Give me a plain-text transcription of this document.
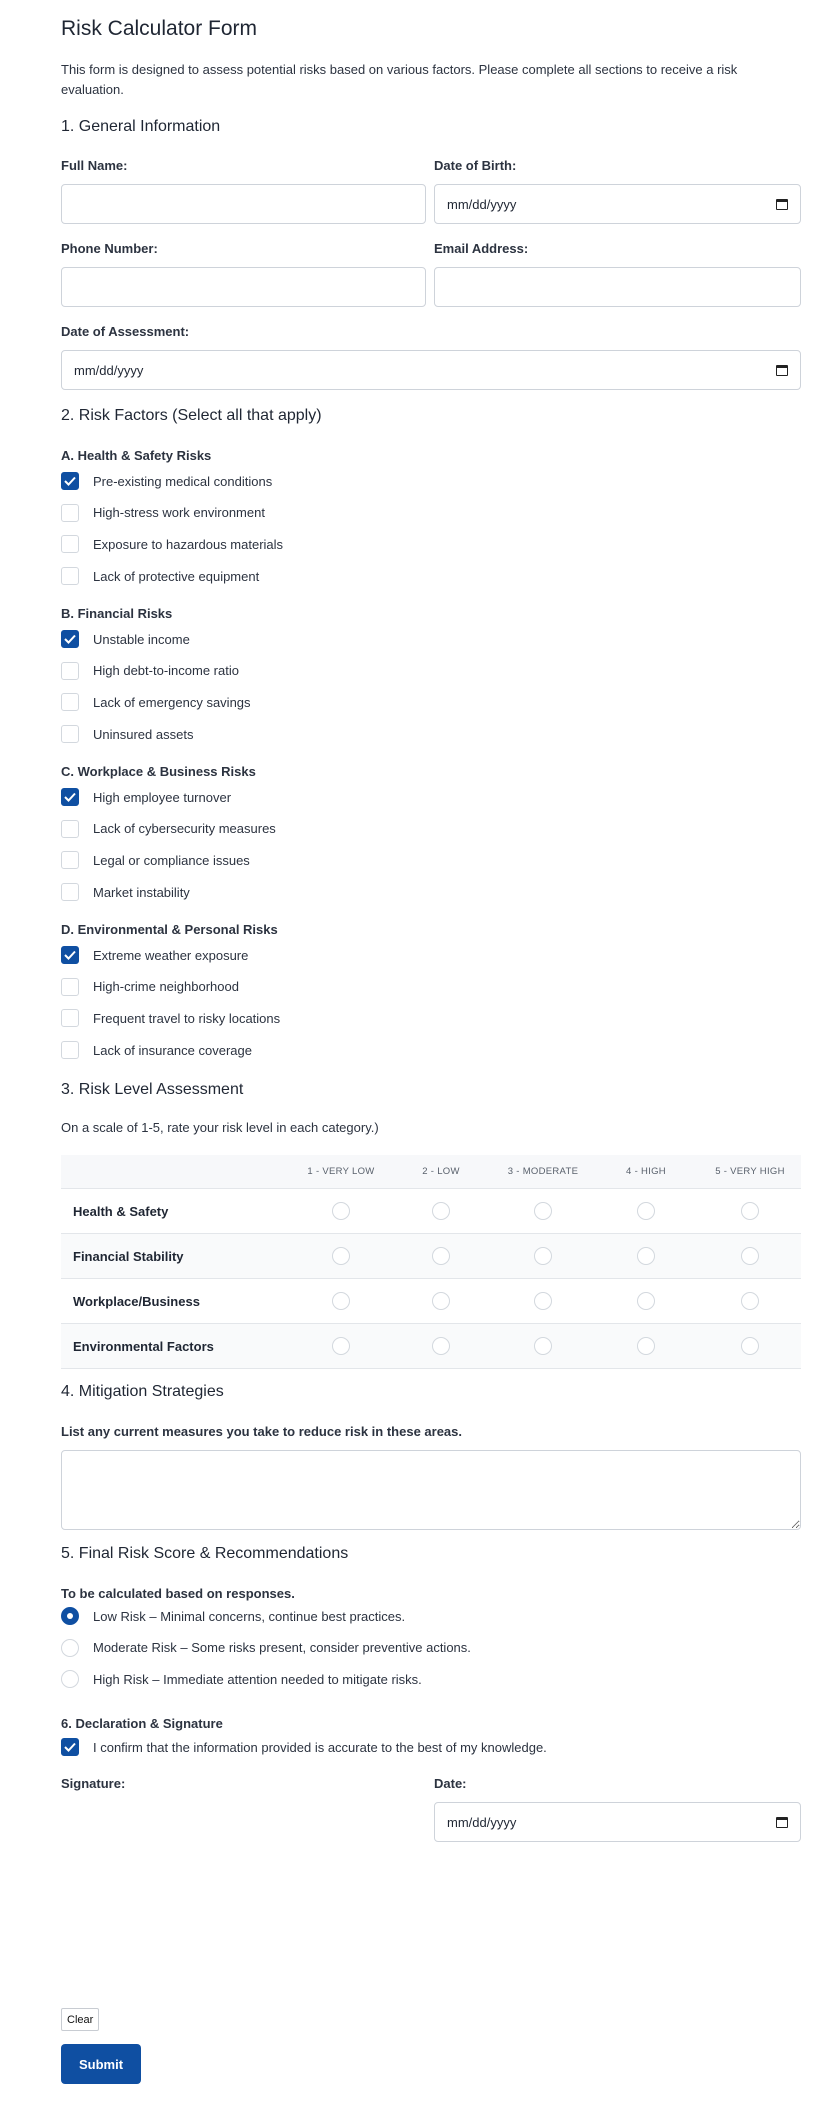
Risk Calculator Form
This form is designed to assess potential risks based on various factors. Please complete all sections to receive a risk evaluation.
1. General Information
Full Name:	Date of Birth:
mm/dd/yyyy
Phone Number:	Email Address:
Date of Assessment:
mm/dd/yyyy
2. Risk Factors (Select all that apply)
A. Health & Safety Risks
Pre-existing medical conditions
High-stress work environment
Exposure to hazardous materials
Lack of protective equipment
B. Financial Risks
Unstable income
High debt-to-income ratio
Lack of emergency savings
Uninsured assets
C. Workplace & Business Risks
High employee turnover
Lack of cybersecurity measures
Legal or compliance issues
Market instability
D. Environmental & Personal Risks
Extreme weather exposure
High-crime neighborhood
Frequent travel to risky locations
Lack of insurance coverage
3. Risk Level Assessment
On a scale of 1-5, rate your risk level in each category.)
1 - VERY LOW	2 - LOW	3 - MODERATE	4 - HIGH	5 - VERY HIGH
Health & Safety
Financial Stability
Workplace/Business
Environmental Factors
4. Mitigation Strategies
List any current measures you take to reduce risk in these areas.
5. Final Risk Score & Recommendations
To be calculated based on responses.
Low Risk – Minimal concerns, continue best practices.
Moderate Risk – Some risks present, consider preventive actions.
High Risk – Immediate attention needed to mitigate risks.
6. Declaration & Signature
I confirm that the information provided is accurate to the best of my knowledge.
Signature:	Date:
mm/dd/yyyy
Clear
Submit
